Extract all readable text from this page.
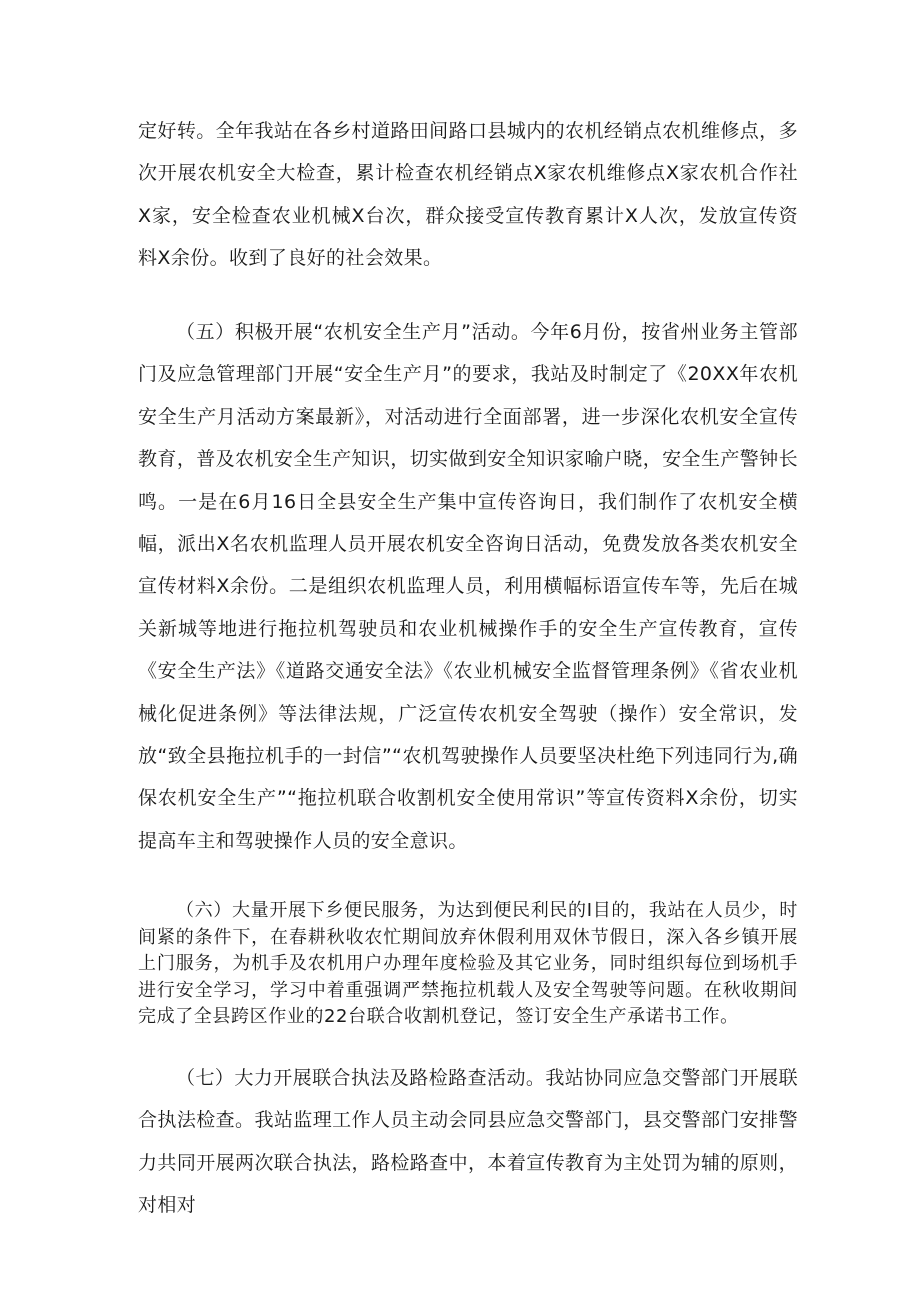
定好转。全年我站在各乡村道路田间路口县城内的农机经销点农机维修点，多次开展农机安全大检查，累计检查农机经销点X家农机维修点X家农机合作社X家，安全检查农业机械X台次，群众接受宣传教育累计X人次，发放宣传资料X余份。收到了良好的社会效果。

（五）积极开展“农机安全生产月”活动。今年6月份，按省州业务主管部门及应急管理部门开展“安全生产月”的要求，我站及时制定了《20XX年农机安全生产月活动方案最新》，对活动进行全面部署，进一步深化农机安全宣传教育，普及农机安全生产知识，切实做到安全知识家喻户晓，安全生产警钟长鸣。一是在6月16日全县安全生产集中宣传咨询日，我们制作了农机安全横幅，派出X名农机监理人员开展农机安全咨询日活动，免费发放各类农机安全宣传材料X余份。二是组织农机监理人员，利用横幅标语宣传车等，先后在城关新城等地进行拖拉机驾驶员和农业机械操作手的安全生产宣传教育，宣传《安全生产法》《道路交通安全法》《农业机械安全监督管理条例》《省农业机械化促进条例》等法律法规，广泛宣传农机安全驾驶（操作）安全常识，发放“致全县拖拉机手的一封信”“农机驾驶操作人员要坚决杜绝下列违同行为,确保农机安全生产”“拖拉机联合收割机安全使用常识”等宣传资料X余份，切实提高车主和驾驶操作人员的安全意识。

（六）大量开展下乡便民服务，为达到便民利民的I目的，我站在人员少，时间紧的条件下，在春耕秋收农忙期间放弃休假利用双休节假日，深入各乡镇开展上门服务，为机手及农机用户办理年度检验及其它业务，同时组织每位到场机手进行安全学习，学习中着重强调严禁拖拉机载人及安全驾驶等问题。在秋收期间完成了全县跨区作业的22台联合收割机登记，签订安全生产承诺书工作。

（七）大力开展联合执法及路检路查活动。我站协同应急交警部门开展联合执法检查。我站监理工作人员主动会同县应急交警部门，县交警部门安排警力共同开展两次联合执法，路检路查中，本着宣传教育为主处罚为辅的原则，对相对
